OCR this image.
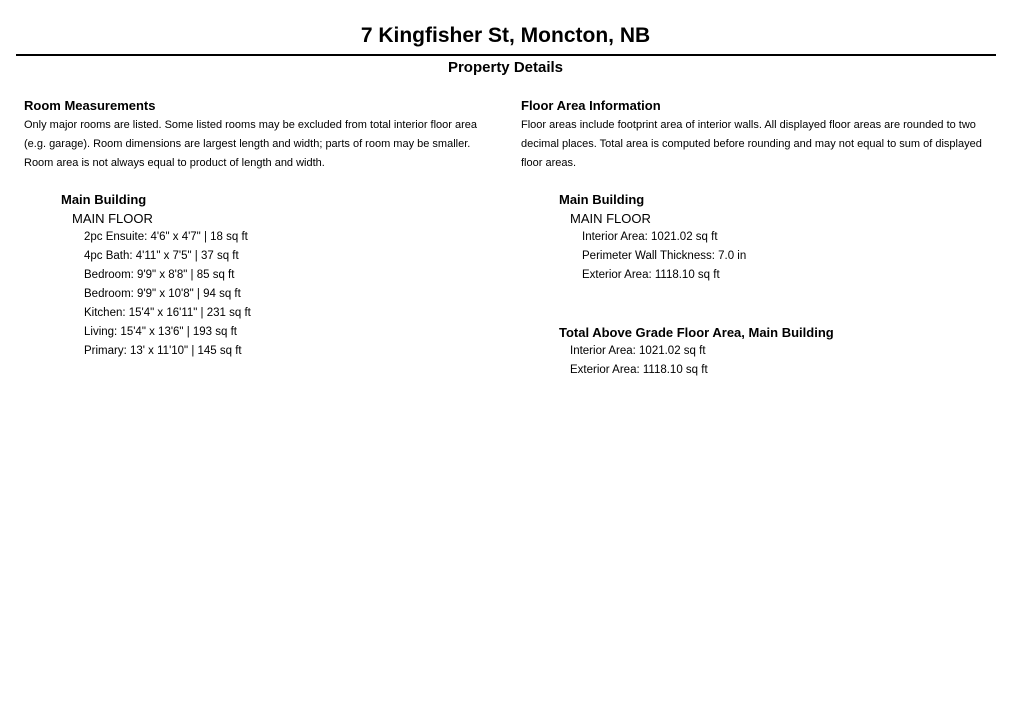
7 Kingfisher St, Moncton, NB
Property Details

Room Measurements

Only major rooms are listed. Some listed rooms may be excluded from total interior floor area (e.g. garage). Room dimensions are largest length and width; parts of room may be smaller. Room area is not always equal to product of length and width.

Main Building

MAIN FLOOR

2pc Ensuite: 4'6" x 4'7" | 18 sq ft
4pc Bath: 4'11" x 7'5" | 37 sq ft
Bedroom: 9'9" x 8'8" | 85 sq ft
Bedroom: 9'9" x 10'8" | 94 sq ft
Kitchen: 15'4" x 16'11" | 231 sq ft
Living: 15'4" x 13'6" | 193 sq ft
Primary: 13' x 11'10" | 145 sq ft

Floor Area Information

Floor areas include footprint area of interior walls. All displayed floor areas are rounded to two decimal places. Total area is computed before rounding and may not equal to sum of displayed floor areas.

Main Building

MAIN FLOOR

Interior Area: 1021.02 sq ft
Perimeter Wall Thickness: 7.0 in
Exterior Area: 1118.10 sq ft

Total Above Grade Floor Area, Main Building

Interior Area: 1021.02 sq ft
Exterior Area: 1118.10 sq ft
